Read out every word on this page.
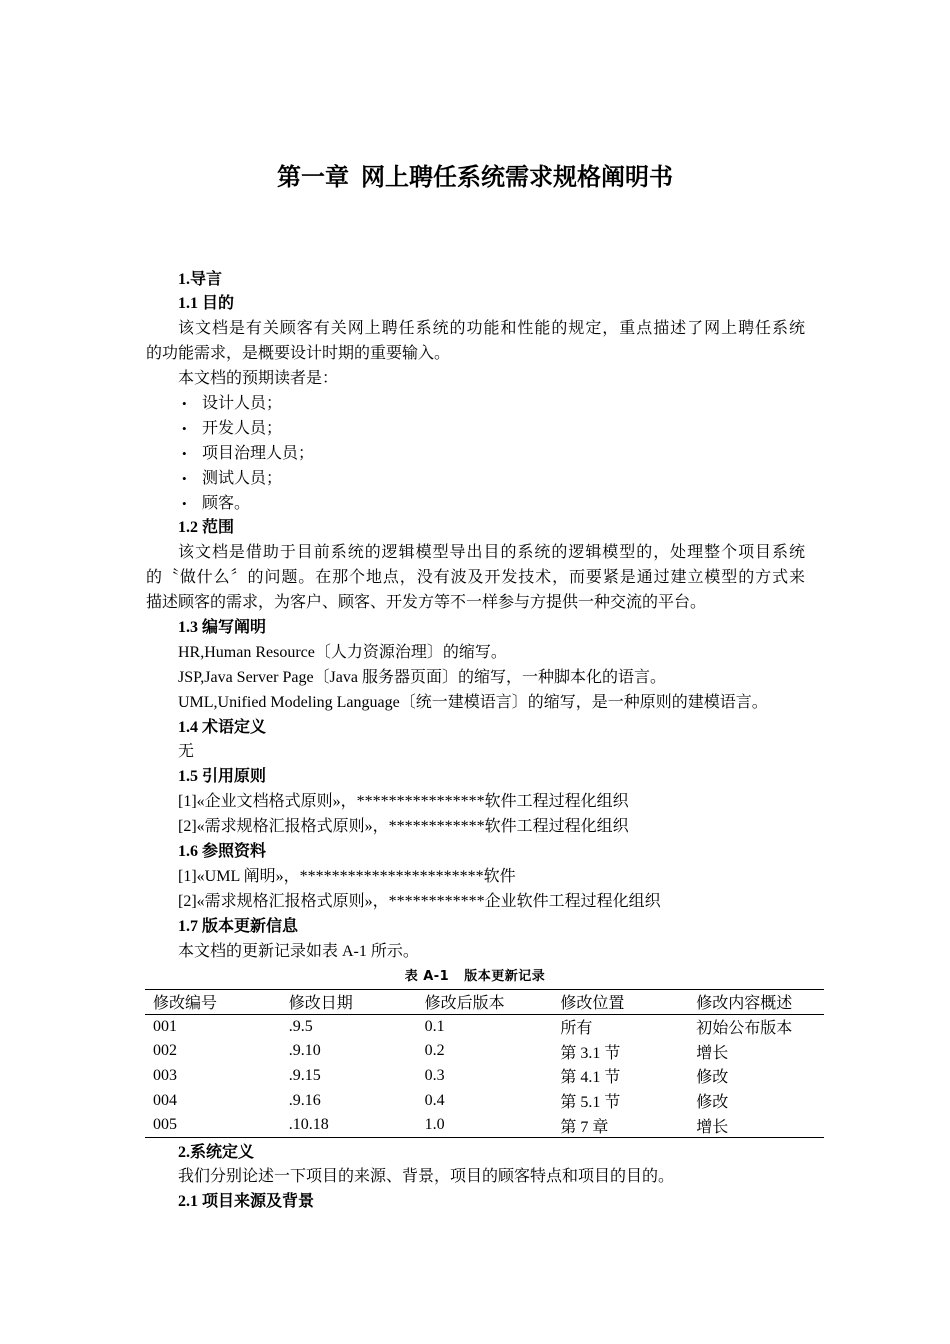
第一章 网上聘任系统需求规格阐明书
1.导言
1.1 目的
该文档是有关顾客有关网上聘任系统的功能和性能的规定，重点描述了网上聘任系统
的功能需求，是概要设计时期的重要输入。
本文档的预期读者是：
• 设计人员；
• 开发人员；
• 项目治理人员；
• 测试人员；
• 顾客。
1.2 范围
该文档是借助于目前系统的逻辑模型导出目的系统的逻辑模型的，处理整个项目系统
的〝做什么〞的问题。在那个地点，没有波及开发技术，而要紧是通过建立模型的方式来
描述顾客的需求，为客户、顾客、开发方等不一样参与方提供一种交流的平台。
1.3 编写阐明
HR,Human Resource〔人力资源治理〕的缩写。
JSP,Java Server Page〔Java 服务器页面〕的缩写，一种脚本化的语言。
UML,Unified Modeling Language〔统一建模语言〕的缩写，是一种原则的建模语言。
1.4 术语定义
无
1.5 引用原则
[1]«企业文档格式原则»，****************软件工程过程化组织
[2]«需求规格汇报格式原则»，************软件工程过程化组织
1.6 参照资料
[1]«UML 阐明»，***********************软件
[2]«需求规格汇报格式原则»，************企业软件工程过程化组织
1.7 版本更新信息
本文档的更新记录如表 A-1 所示。
表 A-1   版本更新记录
修改编号	修改日期	修改后版本	修改位置	修改内容概述
001	.9.5	0.1	所有	初始公布版本
002	.9.10	0.2	第 3.1 节	增长
003	.9.15	0.3	第 4.1 节	修改
004	.9.16	0.4	第 5.1 节	修改
005	.10.18	1.0	第 7 章	增长
2.系统定义
我们分别论述一下项目的来源、背景，项目的顾客特点和项目的目的。
2.1 项目来源及背景
